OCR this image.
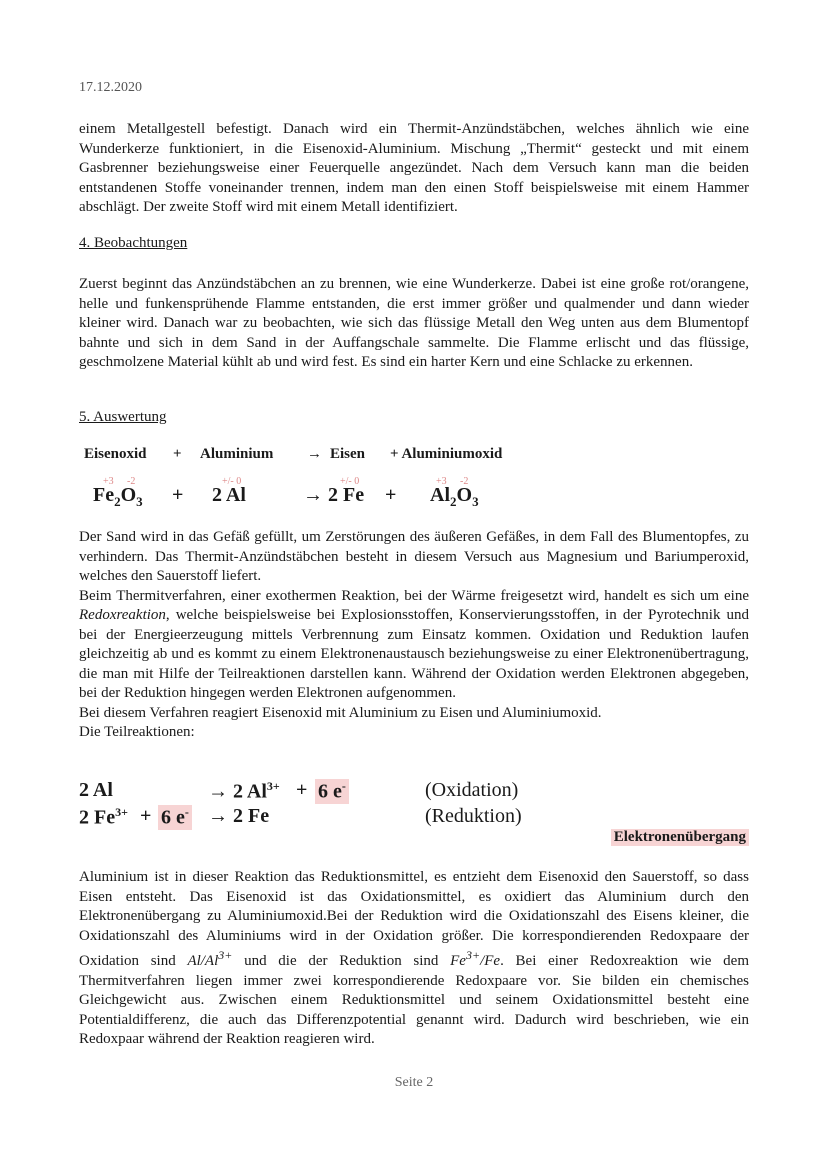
17.12.2020

einem Metallgestell befestigt. Danach wird ein Thermit-Anzündstäbchen, welches ähnlich wie eine Wunderkerze funktioniert, in die Eisenoxid-Aluminium. Mischung „Thermit“ gesteckt und mit einem Gasbrenner beziehungsweise einer Feuerquelle angezündet. Nach dem Versuch kann man die beiden entstandenen Stoffe voneinander trennen, indem man den einen Stoff beispielsweise mit einem Hammer abschlägt. Der zweite Stoff wird mit einem Metall identifiziert.

4. Beobachtungen

Zuerst beginnt das Anzündstäbchen an zu brennen, wie eine Wunderkerze. Dabei ist eine große rot/orangene, helle und funkensprühende Flamme entstanden, die erst immer größer und qualmender und dann wieder kleiner wird. Danach war zu beobachten, wie sich das flüssige Metall den Weg unten aus dem Blumentopf bahnte und sich in dem Sand in der Auffangschale sammelte. Die Flamme erlischt und das flüssige, geschmolzene Material kühlt ab und wird fest. Es sind ein harter Kern und eine Schlacke zu erkennen.

5. Auswertung
Eisenoxid + Aluminium → Eisen + Aluminiumoxid
+3 -2	+/- 0	+/- 0	+3 -2
$Fe_2O_3 + 2$ Al	→ 2 $Fe + Al_2O_3$

Der Sand wird in das Gefäß gefüllt, um Zerstörungen des äußeren Gefäßes, in dem Fall des Blumentopfes, zu verhindern. Das Thermit-Anzündstäbchen besteht in diesem Versuch aus Magnesium und Bariumperoxid, welches den Sauerstoff liefert.

Beim Thermitverfahren, einer exothermen Reaktion, bei der Wärme freigesetzt wird, handelt es sich um eine Redoxreaktion, welche beispielsweise bei Explosionsstoffen, Konservierungsstoffen, in der Pyrotechnik und bei der Energieerzeugung mittels Verbrennung zum Einsatz kommen. Oxidation und Reduktion laufen gleichzeitig ab und es kommt zu einem Elektronenaustausch beziehungsweise zu einer Elektronenübertragung, die man mit Hilfe der Teilreaktionen darstellen kann. Während der Oxidation werden Elektronen abgegeben, bei der Reduktion hingegen werden Elektronen aufgenommen.

Bei diesem Verfahren reagiert Eisenoxid mit Aluminium zu Eisen und Aluminiumoxid.

Die Teilreaktionen:

2 Al	→ 2 $Al^{3+} + 6$ e-	(Oxidation)
2 $Fe^{3+} + 6$ e- → 2 Fe	(Reduktion)
Elektronenübergang

Aluminium ist in dieser Reaktion das Reduktionsmittel, es entzieht dem Eisenoxid den Sauerstoff, so dass Eisen entsteht. Das Eisenoxid ist das Oxidationsmittel, es oxidiert das Aluminium durch den Elektronenübergang zu Aluminiumoxid.Bei der Reduktion wird die Oxidationszahl des Eisens kleiner, die Oxidationszahl des Aluminiums wird in der Oxidation größer. Die korrespondierenden Redoxpaare der Oxidation sind $Al/Al^{3+}$ und die der Reduktion sind $Fe^{3+}/Fe$. Bei einer Redoxreaktion wie dem Thermitverfahren liegen immer zwei korrespondierende Redoxpaare vor. Sie bilden ein chemisches Gleichgewicht aus. Zwischen einem Reduktionsmittel und seinem Oxidationsmittel besteht eine Potentialdifferenz, die auch das Differenzpotential genannt wird. Dadurch wird beschrieben, wie ein Redoxpaar während der Reaktion reagieren wird.

Seite 2
